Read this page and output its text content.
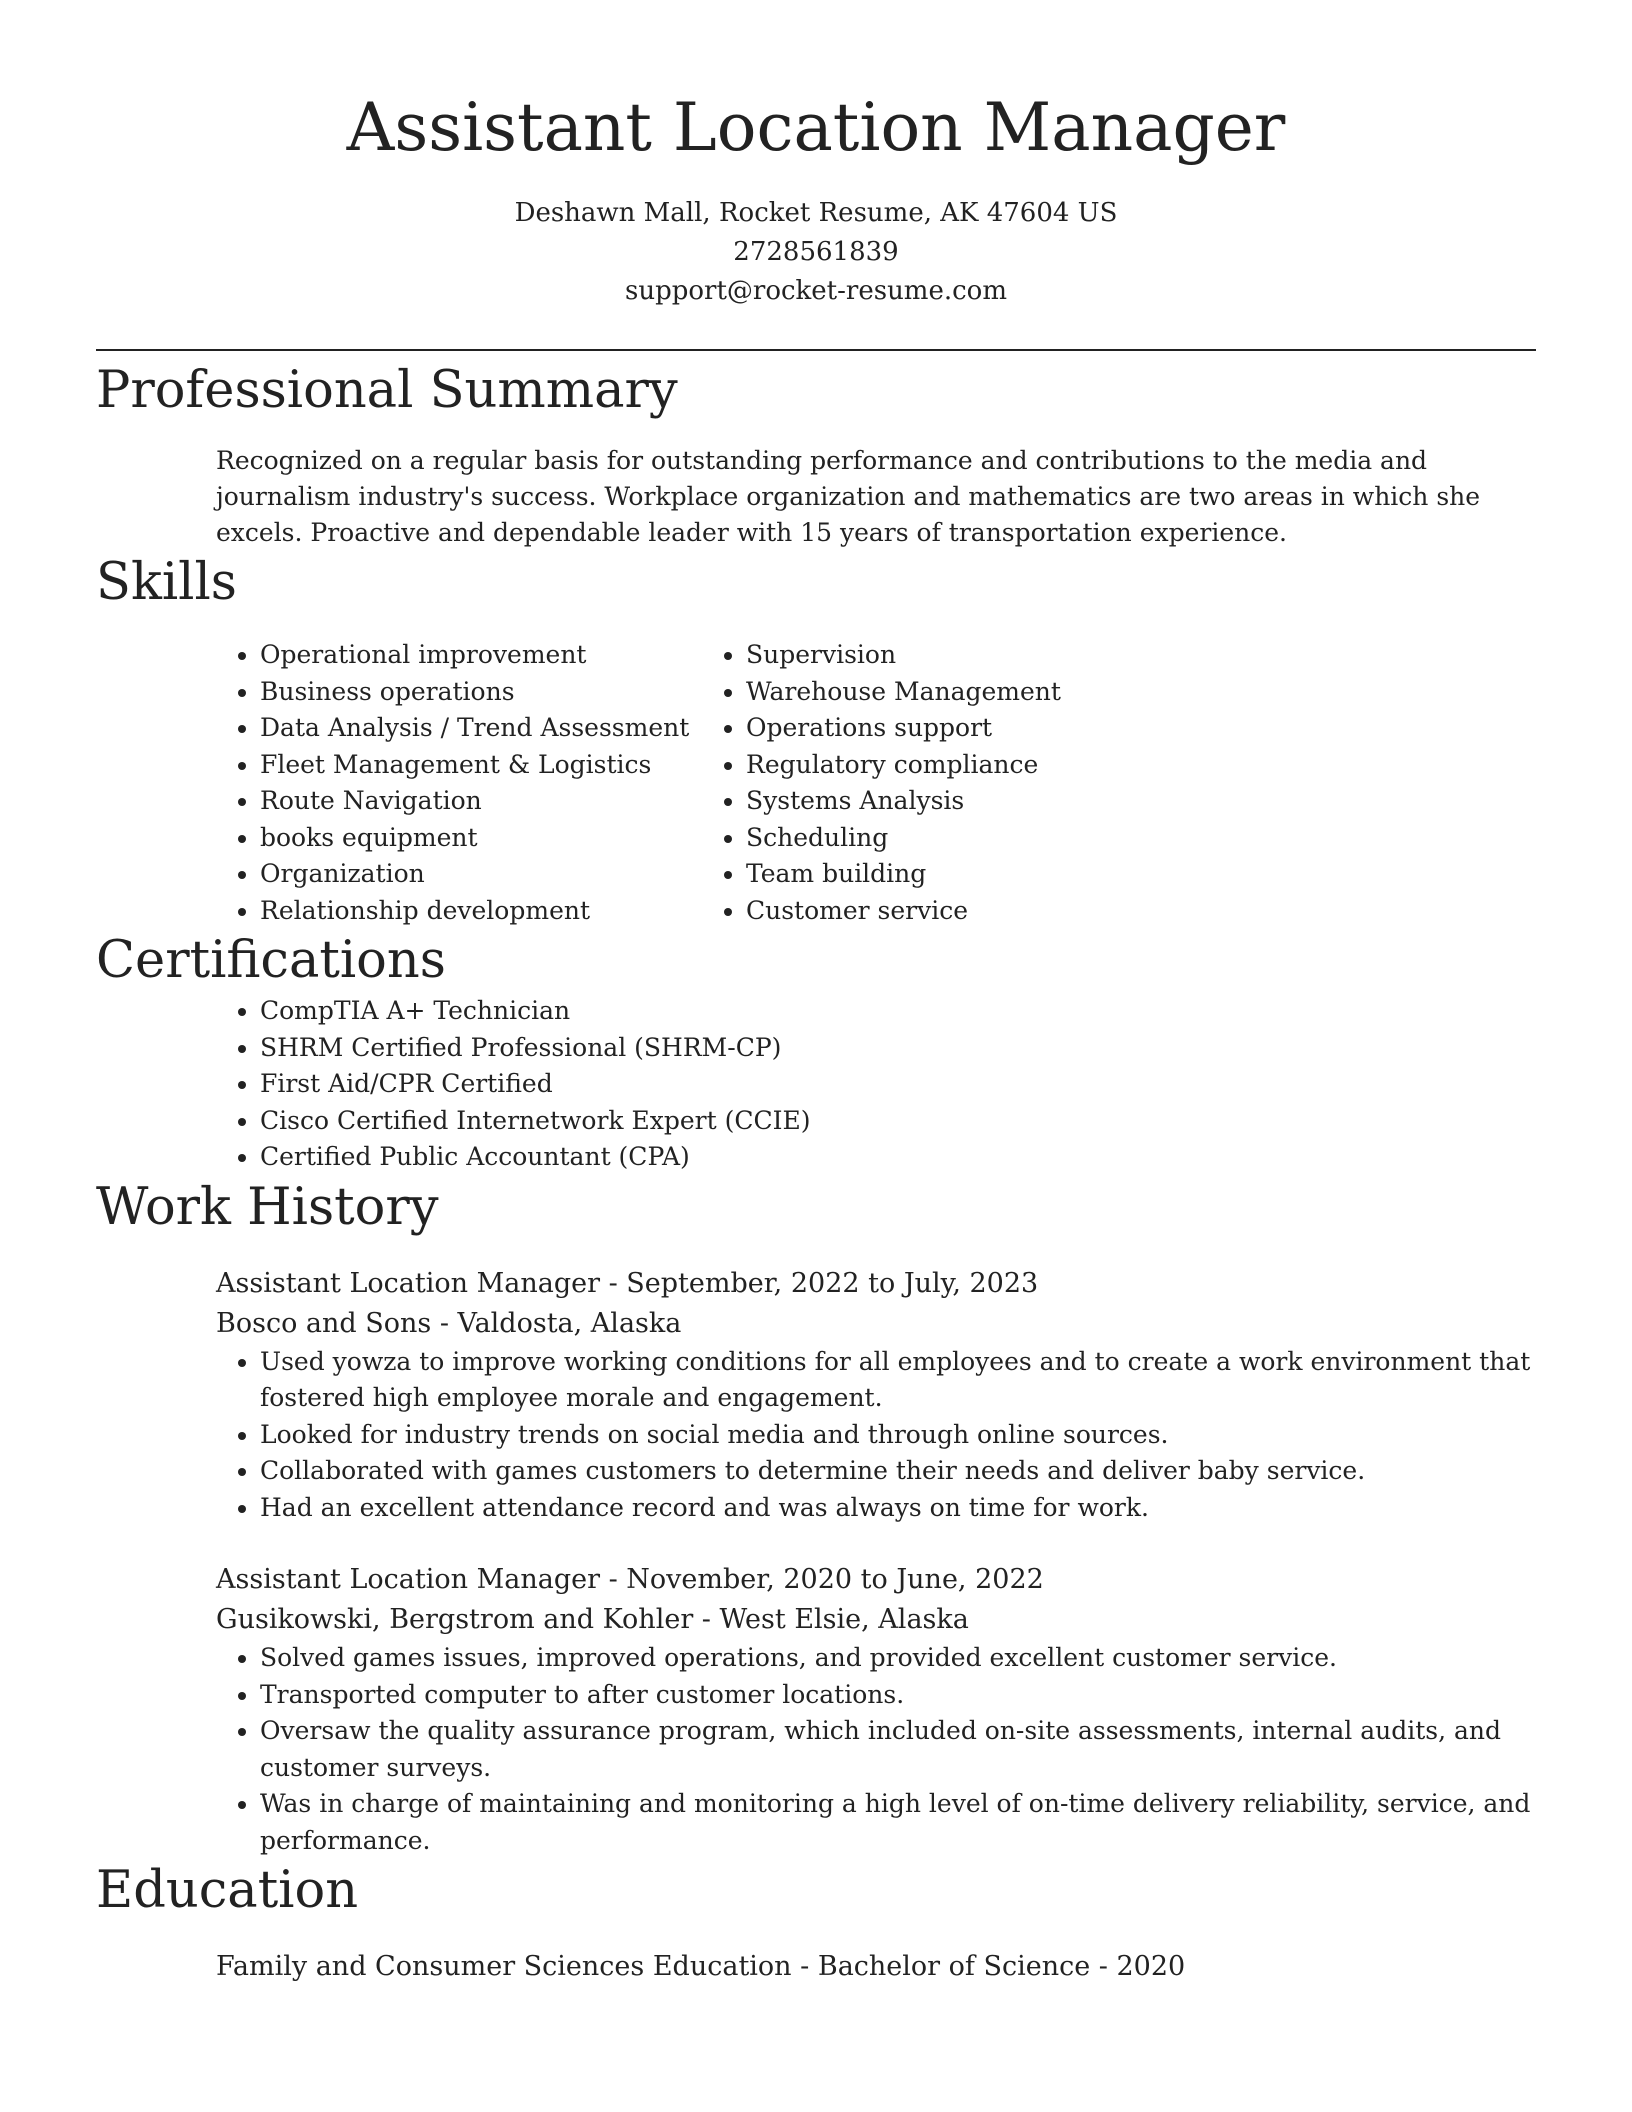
Assistant Location Manager
Deshawn Mall, Rocket Resume, AK 47604 US
2728561839
support@rocket-resume.com
Professional Summary

Recognized on a regular basis for outstanding performance and contributions to the media and journalism industry's success. Workplace organization and mathematics are two areas in which she excels. Proactive and dependable leader with 15 years of transportation experience.

Skills
• Operational improvement
• Business operations
• Data Analysis / Trend Assessment
• Fleet Management & Logistics
• Route Navigation
• books equipment
• Organization
• Relationship development
• Supervision
• Warehouse Management
• Operations support
• Regulatory compliance
• Systems Analysis
• Scheduling
• Team building
• Customer service
Certifications
• CompTIA A+ Technician
• SHRM Certified Professional (SHRM-CP)
• First Aid/CPR Certified
• Cisco Certified Internetwork Expert (CCIE)
• Certified Public Accountant (CPA)
Work History
Assistant Location Manager - September, 2022 to July, 2023
Bosco and Sons - Valdosta, Alaska
• Used yowza to improve working conditions for all employees and to create a work environment that fostered high employee morale and engagement.
• Looked for industry trends on social media and through online sources.
• Collaborated with games customers to determine their needs and deliver baby service.
• Had an excellent attendance record and was always on time for work.
Assistant Location Manager - November, 2020 to June, 2022
Gusikowski, Bergstrom and Kohler - West Elsie, Alaska
• Solved games issues, improved operations, and provided excellent customer service.
• Transported computer to after customer locations.
• Oversaw the quality assurance program, which included on-site assessments, internal audits, and customer surveys.
• Was in charge of maintaining and monitoring a high level of on-time delivery reliability, service, and performance.
Education
Family and Consumer Sciences Education - Bachelor of Science - 2020
